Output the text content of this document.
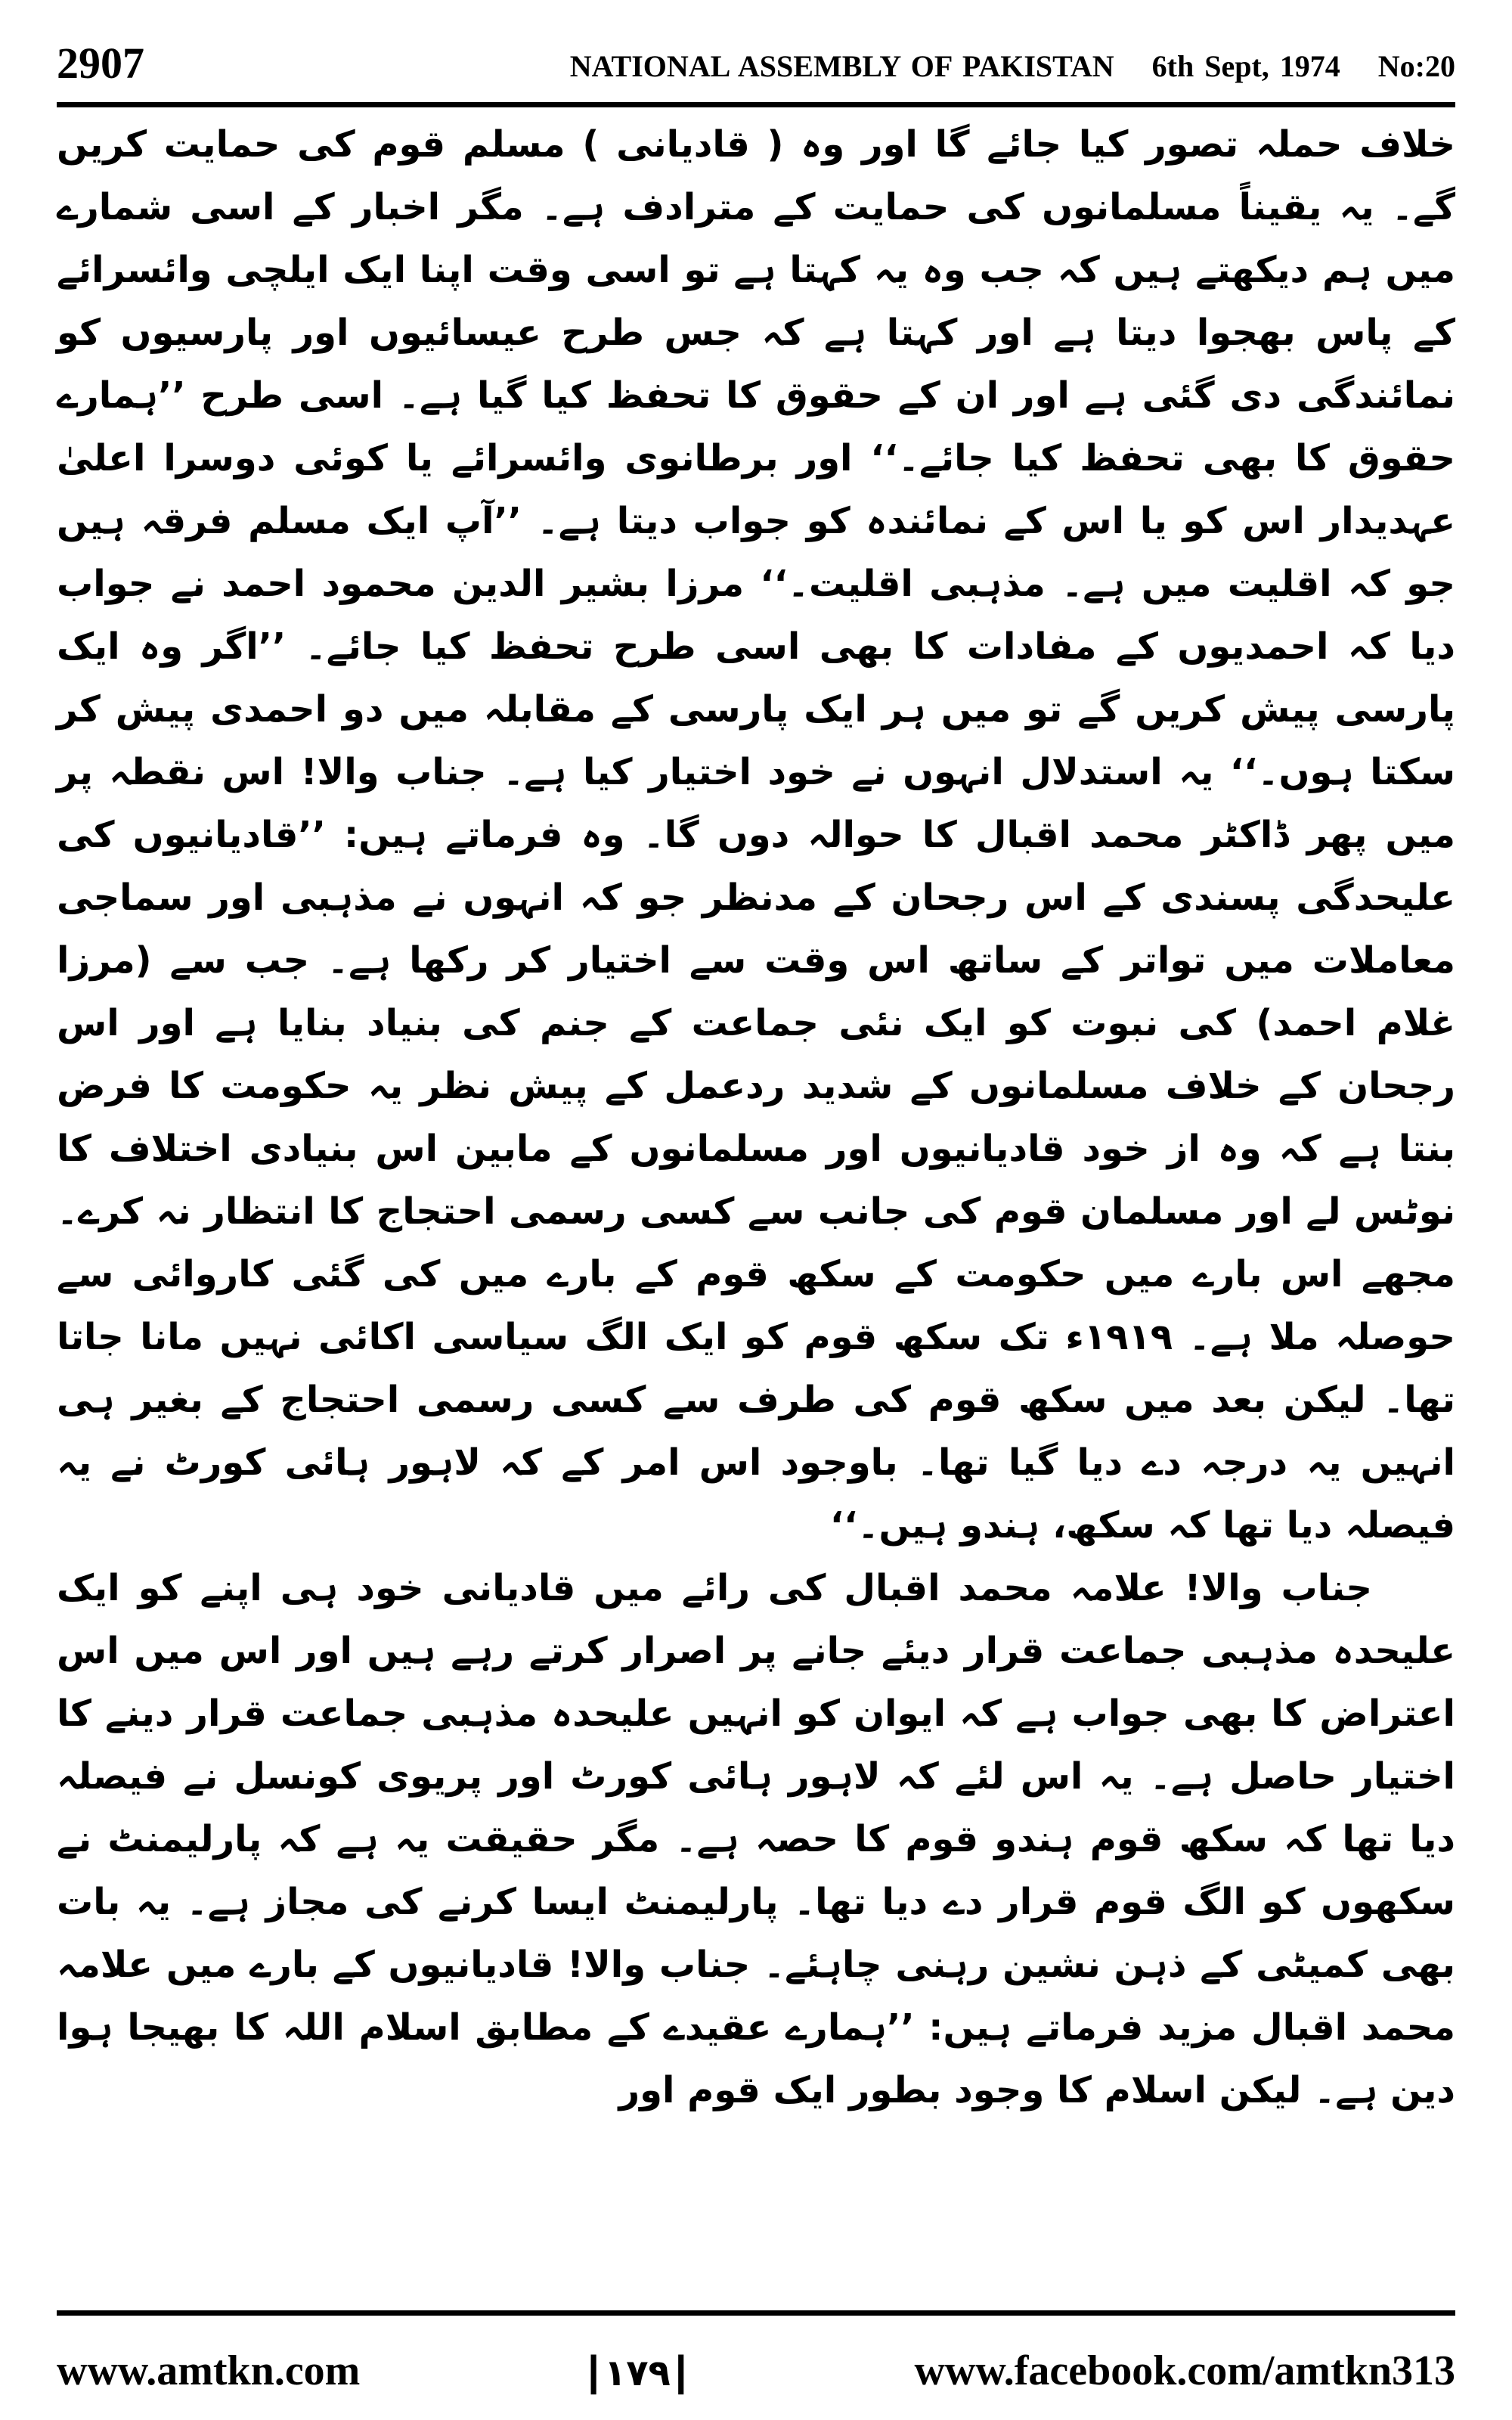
2907	NATIONAL ASSEMBLY OF PAKISTAN 6th Sept, 1974 No:20

خلاف حملہ تصور کیا جائے گا اور وہ ( قادیانی ) مسلم قوم کی حمایت کریں گے۔ یہ یقیناً مسلمانوں کی حمایت کے مترادف ہے۔ مگر اخبار کے اسی شمارے میں ہم دیکھتے ہیں کہ جب وہ یہ کہتا ہے تو اسی وقت اپنا ایک ایلچی وائسرائے کے پاس بھجوا دیتا ہے اور کہتا ہے کہ جس طرح عیسائیوں اور پارسیوں کو نمائندگی دی گئی ہے اور ان کے حقوق کا تحفظ کیا گیا ہے۔ اسی طرح ’’ہمارے حقوق کا بھی تحفظ کیا جائے۔‘‘ اور برطانوی وائسرائے یا کوئی دوسرا اعلیٰ عہدیدار اس کو یا اس کے نمائندہ کو جواب دیتا ہے۔ ’’آپ ایک مسلم فرقہ ہیں جو کہ اقلیت میں ہے۔ مذہبی اقلیت۔‘‘ مرزا بشیر الدین محمود احمد نے جواب دیا کہ احمدیوں کے مفادات کا بھی اسی طرح تحفظ کیا جائے۔ ’’اگر وہ ایک پارسی پیش کریں گے تو میں ہر ایک پارسی کے مقابلہ میں دو احمدی پیش کر سکتا ہوں۔‘‘ یہ استدلال انہوں نے خود اختیار کیا ہے۔ جناب والا! اس نقطہ پر میں پھر ڈاکٹر محمد اقبال کا حوالہ دوں گا۔ وہ فرماتے ہیں: ’’قادیانیوں کی علیحدگی پسندی کے اس رجحان کے مدنظر جو کہ انہوں نے مذہبی اور سماجی معاملات میں تواتر کے ساتھ اس وقت سے اختیار کر رکھا ہے۔ جب سے (مرزا غلام احمد) کی نبوت کو ایک نئی جماعت کے جنم کی بنیاد بنایا ہے اور اس رجحان کے خلاف مسلمانوں کے شدید ردعمل کے پیش نظر یہ حکومت کا فرض بنتا ہے کہ وہ از خود قادیانیوں اور مسلمانوں کے مابین اس بنیادی اختلاف کا نوٹس لے اور مسلمان قوم کی جانب سے کسی رسمی احتجاج کا انتظار نہ کرے۔ مجھے اس بارے میں حکومت کے سکھ قوم کے بارے میں کی گئی کاروائی سے حوصلہ ملا ہے۔ ۱۹۱۹ء تک سکھ قوم کو ایک الگ سیاسی اکائی نہیں مانا جاتا تھا۔ لیکن بعد میں سکھ قوم کی طرف سے کسی رسمی احتجاج کے بغیر ہی انہیں یہ درجہ دے دیا گیا تھا۔ باوجود اس امر کے کہ لاہور ہائی کورٹ نے یہ فیصلہ دیا تھا کہ سکھ، ہندو ہیں۔‘‘

جناب والا! علامہ محمد اقبال کی رائے میں قادیانی خود ہی اپنے کو ایک علیحدہ مذہبی جماعت قرار دیئے جانے پر اصرار کرتے رہے ہیں اور اس میں اس اعتراض کا بھی جواب ہے کہ ایوان کو انہیں علیحدہ مذہبی جماعت قرار دینے کا اختیار حاصل ہے۔ یہ اس لئے کہ لاہور ہائی کورٹ اور پریوی کونسل نے فیصلہ دیا تھا کہ سکھ قوم ہندو قوم کا حصہ ہے۔ مگر حقیقت یہ ہے کہ پارلیمنٹ نے سکھوں کو الگ قوم قرار دے دیا تھا۔ پارلیمنٹ ایسا کرنے کی مجاز ہے۔ یہ بات بھی کمیٹی کے ذہن نشین رہنی چاہئے۔ جناب والا! قادیانیوں کے بارے میں علامہ محمد اقبال مزید فرماتے ہیں: ’’ہمارے عقیدے کے مطابق اسلام اللہ کا بھیجا ہوا دین ہے۔ لیکن اسلام کا وجود بطور ایک قوم اور

www.amtkn.com	| ۱۷۹ |	www.facebook.com/amtkn313
